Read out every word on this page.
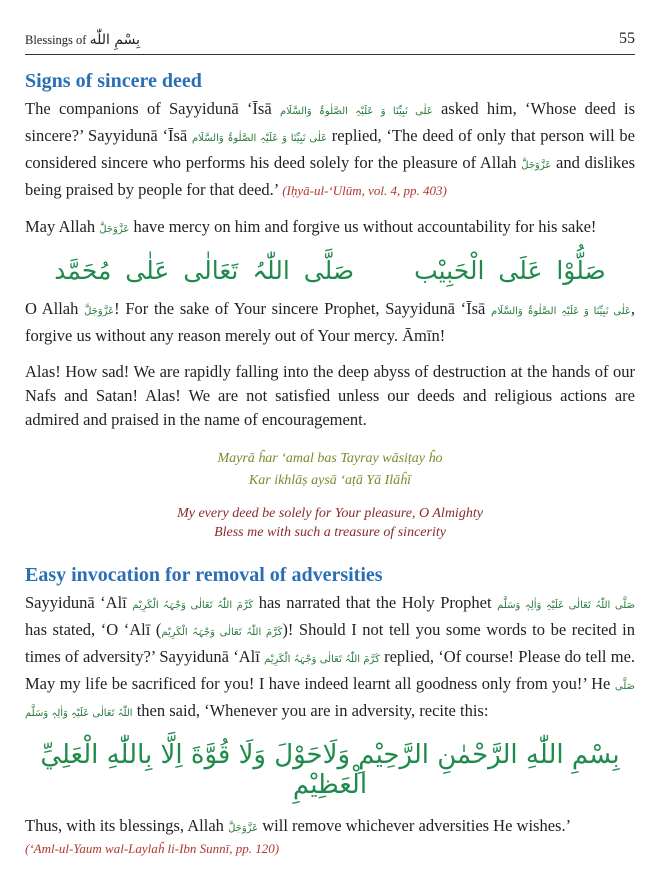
Blessings of بِسْمِ اللّٰه	55
Signs of sincere deed

The companions of Sayyidunā ‘Īsā عَلٰی نَبِیِّنَا وَ عَلَیْہِ الصَّلٰوۃُ وَالسَّلَام asked him, ‘Whose deed is sincere?’ Sayyidunā ‘Īsā عَلٰی نَبِیِّنَا وَ عَلَیْہِ الصَّلٰوۃُ وَالسَّلَام replied, ‘The deed of only that person will be considered sincere who performs his deed solely for the pleasure of Allah عَزَّوَجَلَّ and dislikes being praised by people for that deed.’ (Iḥyā-ul-‘Ulūm, vol. 4, pp. 403)

May Allah عَزَّوَجَلَّ have mercy on him and forgive us without accountability for his sake!

صَلُّوْا عَلَی الْحَبِیْبصَلَّی اللّٰہُ تَعَالٰی عَلٰی مُحَمَّد

O Allah عَزَّوَجَلَّ! For the sake of Your sincere Prophet, Sayyidunā ‘Īsā عَلٰی نَبِیِّنَا وَ عَلَیْہِ الصَّلٰوۃُ وَالسَّلَام, forgive us without any reason merely out of Your mercy. Āmīn!

Alas! How sad! We are rapidly falling into the deep abyss of destruction at the hands of our Nafs and Satan! Alas! We are not satisfied unless our deeds and religious actions are admired and praised in the name of encouragement.

Mayrā ĥar ‘amal bas Tayray wāsiṭay ĥo
Kar ikhlāṣ aysā ‘aṭā Yā Ilāĥī
My every deed be solely for Your pleasure, O Almighty
Bless me with such a treasure of sincerity
Easy invocation for removal of adversities

Sayyidunā ‘Alī کَرَّمَ اللّٰہُ تَعَالٰی وَجْہَہُ الْکَرِیْم has narrated that the Holy Prophet صَلَّی اللّٰہُ تَعَالٰی عَلَیْہِ وَاٰلِہٖ وَسَلَّم has stated, ‘O ‘Alī (کَرَّمَ اللّٰہُ تَعَالٰی وَجْہَہُ الْکَرِیْم)! Should I not tell you some words to be recited in times of adversity?’ Sayyidunā ‘Alī کَرَّمَ اللّٰہُ تَعَالٰی وَجْہَہُ الْکَرِیْم replied, ‘Of course! Please do tell me. May my life be sacrificed for you! I have indeed learnt all goodness only from you!’ He صَلَّی اللّٰہُ تَعَالٰی عَلَیْہِ وَاٰلِہٖ وَسَلَّم then said, ‘Whenever you are in adversity, recite this:

بِسْمِ اللّٰهِ الرَّحْمٰنِ الرَّحِيْمِ وَلَاحَوْلَ وَلَا قُوَّةَ اِلَّا بِاللّٰهِ الْعَلِيِّ الْعَظِيْمِ

Thus, with its blessings, Allah عَزَّوَجَلَّ will remove whichever adversities He wishes.’

(‘Aml-ul-Yaum wal-Laylaĥ li-Ibn Sunnī, pp. 120)
